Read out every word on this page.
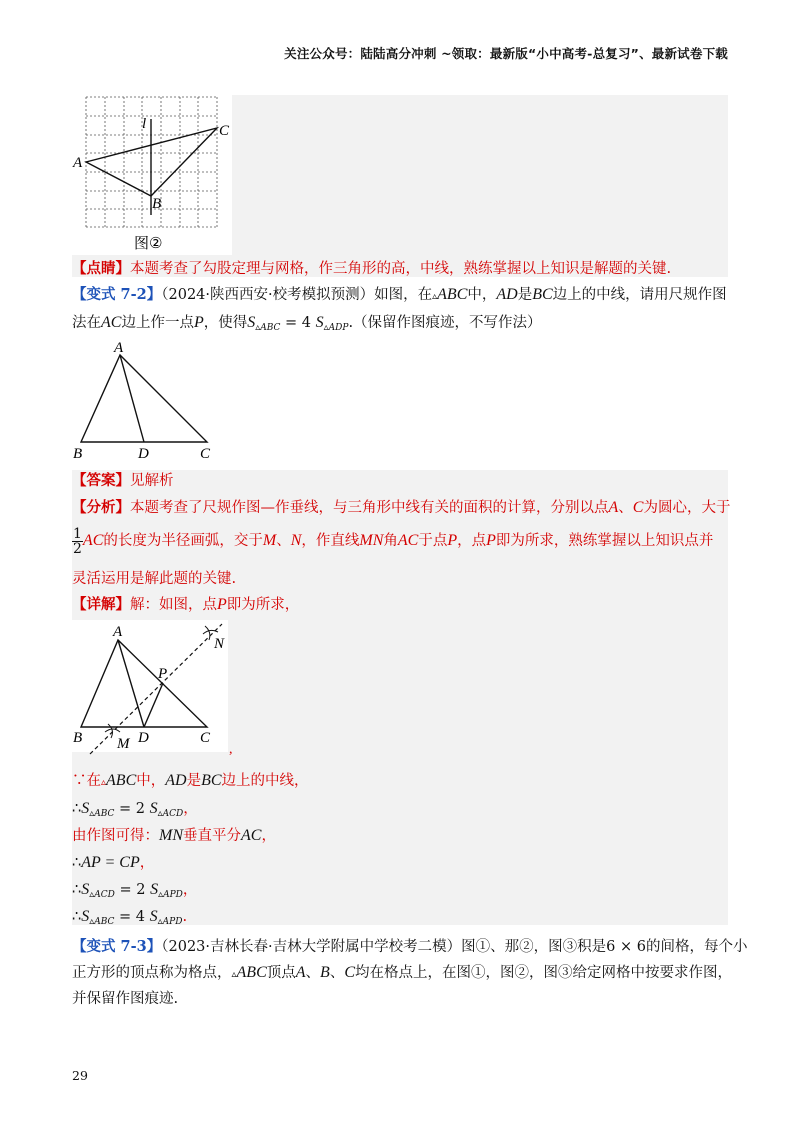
关注公众号：陆陆高分冲刺 ~领取：最新版“小中高考-总复习”、最新试卷下载
l
A
B
C
图②
【点睛】本题考查了勾股定理与网格，作三角形的高，中线，熟练掌握以上知识是解题的关键.
【变式 7-2】（2024·陕西西安·校考模拟预测）如图，在▵ABC中，AD是BC边上的中线，请用尺规作图
法在AC边上作一点P，使得$S_{▵ABC} = 4$ $S_{▵ADP}$.（保留作图痕迹，不写作法）
A
B	D	C
【答案】见解析
【分析】本题考查了尺规作图—作垂线，与三角形中线有关的面积的计算，分别以点A、C为圆心，大于
$\frac{1}{2}$ AC的长度为半径画弧，交于M、N，作直线MN角AC于点P，点P即为所求，熟练掌握以上知识点并
灵活运用是解此题的关键.
【详解】解：如图，点P即为所求，
A
B	D	C
P
M
N
,
∵在▵ABC中，AD是BC边上的中线，
$\therefore S_{▵ABC} = 2$ $S_{▵ACD}$，
由作图可得：MN垂直平分AC，
∴AP = CP，
$\therefore S_{▵ACD} = 2$ $S_{▵APD}$，
$\therefore S_{▵ABC} = 4$ $S_{▵APD}$.
【变式 7-3】（2023·吉林长春·吉林大学附属中学校考二模）图①、那②，图③积是6 × 6的间格，每个小
正方形的顶点称为格点，▵ABC顶点A、B、C均在格点上，在图①，图②，图③给定网格中按要求作图，
并保留作图痕迹.
29
